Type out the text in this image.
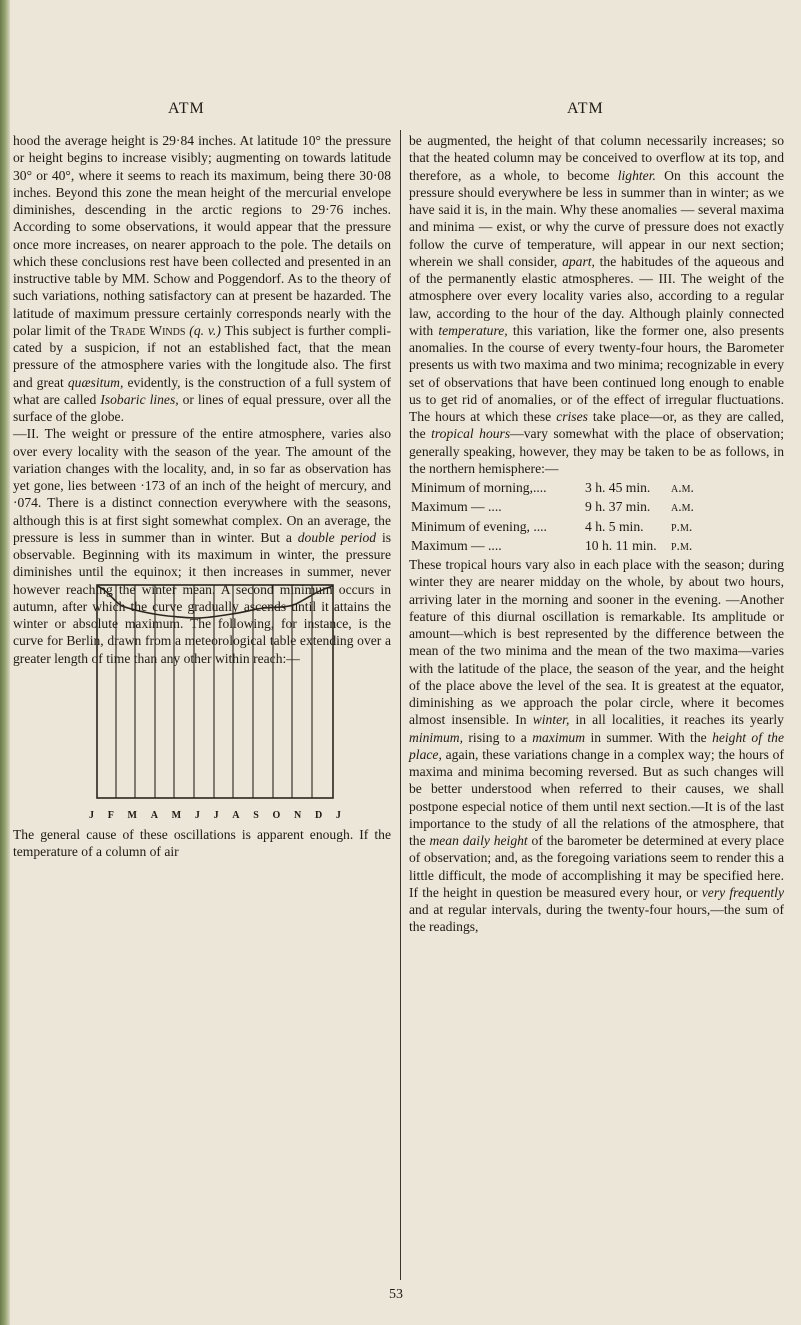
ATM	ATM

hood the average height is 29·84 inches. At latitude 10° the pressure or height begins to increase visibly; augmenting on towards latitude 30° or 40°, where it seems to reach its maximum, being there 30·08 inches. Beyond this zone the mean height of the mercurial envelope diminishes, descending in the arctic regions to 29·76 inches. According to some observations, it would appear that the pressure once more increases, on nearer approach to the pole. The details on which these conclusions rest have been collected and presented in an instructive table by MM. Schow and Poggendorf. As to the theory of such variations, nothing satisfactory can at present be hazarded. The latitude of maximum pressure certainly corresponds nearly with the polar limit of the Trade Winds (q. v.) This subject is further complicated by a suspicion, if not an established fact, that the mean pressure of the atmosphere varies with the longitude also. The first and great quæsitum, evidently, is the construction of a full system of what are called Isobaric lines, or lines of equal pressure, over all the surface of the globe.

—II. The weight or pressure of the entire atmosphere, varies also over every locality with the season of the year. The amount of the variation changes with the locality, and, in so far as observation has yet gone, lies between ·173 of an inch of the height of mercury, and ·074. There is a distinct connection everywhere with the seasons, although this is at first sight somewhat complex. On an average, the pressure is less in summer than in winter. But a double period is observable. Beginning with its maximum in winter, the pressure diminishes until the equinox; it then increases in summer, never however reaching the winter mean. A second minimum occurs in autumn, after which the curve gradually ascends until it attains the winter or absolute maximum. The following, for instance, is the curve for Berlin, drawn from a meteorological table extending over a greater length of time than any other within reach:—

J F M A M J J A S O N D J
The general cause of these oscillations is apparent enough. If the temperature of a column of air

be augmented, the height of that column necessarily increases; so that the heated column may be conceived to overflow at its top, and therefore, as a whole, to become lighter. On this account the pressure should everywhere be less in summer than in winter; as we have said it is, in the main. Why these anomalies — several maxima and minima — exist, or why the curve of pressure does not exactly follow the curve of temperature, will appear in our next section; wherein we shall consider, apart, the habitudes of the aqueous and of the permanently elastic atmospheres. — III. The weight of the atmosphere over every locality varies also, according to a regular law, according to the hour of the day. Although plainly connected with temperature, this variation, like the former one, also presents anomalies. In the course of every twenty-four hours, the Barometer presents us with two maxima and two minima; recognizable in every set of observations that have been continued long enough to enable us to get rid of anomalies, or of the effect of irregular fluctuations. The hours at which these crises take place—or, as they are called, the tropical hours—vary somewhat with the place of observation; generally speaking, however, they may be taken to be as follows, in the northern hemisphere:—

Minimum of morning,....	3 h. 45 min.	a.m.
Maximum — ....	9 h. 37 min.	a.m.
Minimum of evening, ....	4 h. 5 min.	p.m.
Maximum — ....	10 h. 11 min.	p.m.

These tropical hours vary also in each place with the season; during winter they are nearer midday on the whole, by about two hours, arriving later in the morning and sooner in the evening. —Another feature of this diurnal oscillation is remarkable. Its amplitude or amount—which is best represented by the difference between the mean of the two minima and the mean of the two maxima—varies with the latitude of the place, the season of the year, and the height of the place above the level of the sea. It is greatest at the equator, diminishing as we approach the polar circle, where it becomes almost insensible. In winter, in all localities, it reaches its yearly minimum, rising to a maximum in summer. With the height of the place, again, these variations change in a complex way; the hours of maxima and minima becoming reversed. But as such changes will be better understood when referred to their causes, we shall postpone especial notice of them until next section.—It is of the last importance to the study of all the relations of the atmosphere, that the mean daily height of the barometer be determined at every place of observation; and, as the foregoing variations seem to render this a little difficult, the mode of accomplishing it may be specified here. If the height in question be measured every hour, or very frequently and at regular intervals, during the twenty-four hours,—the sum of the readings,

53
